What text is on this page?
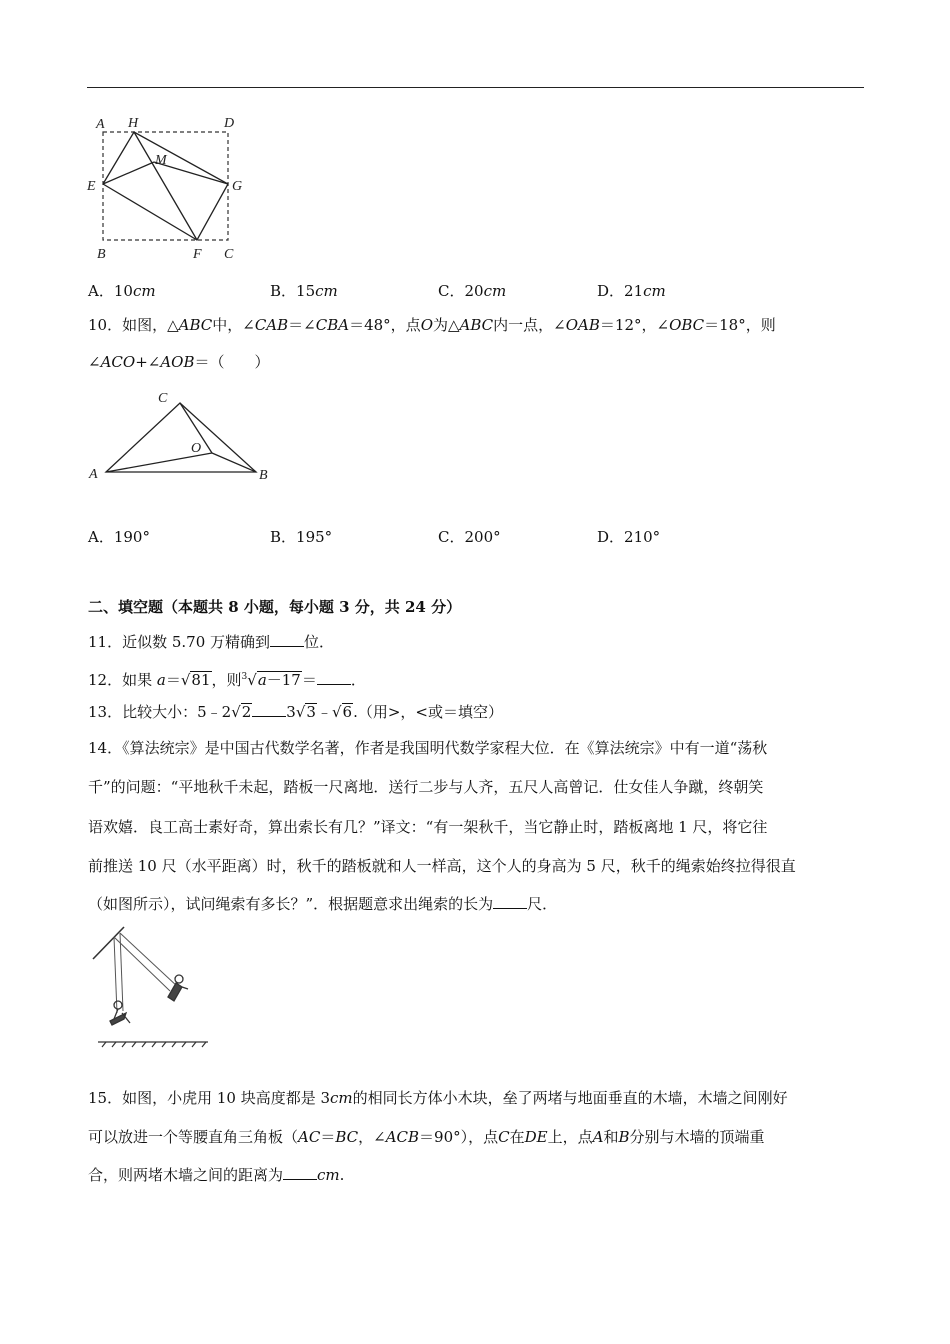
A H	D
M
E	G
B	F C
A．10cm	B．15cm	C．20cm	D．21cm
10．如图，△ABC中，∠CAB＝∠CBA＝48°，点O为△ABC内一点，∠OAB＝12°，∠OBC＝18°，则
∠ACO+∠AOB＝（　　）
C
O
A	B
A．190°	B．195°	C．200°	D．210°
二、填空题（本题共 8 小题，每小题 3 分，共 24 分）
11．近似数 5.70 万精确到 位．
12．如果 a＝√81，则$^3$√a－17＝ ．
13．比较大小：5﹣2√2 3√3﹣√6.（用>，<或＝填空）
14．《算法统宗》是中国古代数学名著，作者是我国明代数学家程大位．在《算法统宗》中有一道“荡秋
千”的问题：“平地秋千未起，踏板一尺离地．送行二步与人齐，五尺人高曾记．仕女佳人争蹴，终朝笑
语欢嬉．良工高士素好奇，算出索长有几？”译文：“有一架秋千，当它静止时，踏板离地 1 尺，将它往
前推送 10 尺（水平距离）时，秋千的踏板就和人一样高，这个人的身高为 5 尺，秋千的绳索始终拉得很直
（如图所示），试问绳索有多长？”．根据题意求出绳索的长为 尺．
15．如图，小虎用 10 块高度都是 3cm的相同长方体小木块，垒了两堵与地面垂直的木墙，木墙之间刚好
可以放进一个等腰直角三角板（AC＝BC，∠ACB＝90°），点C在DE上，点A和B分别与木墙的顶端重
合，则两堵木墙之间的距离为 cm.
